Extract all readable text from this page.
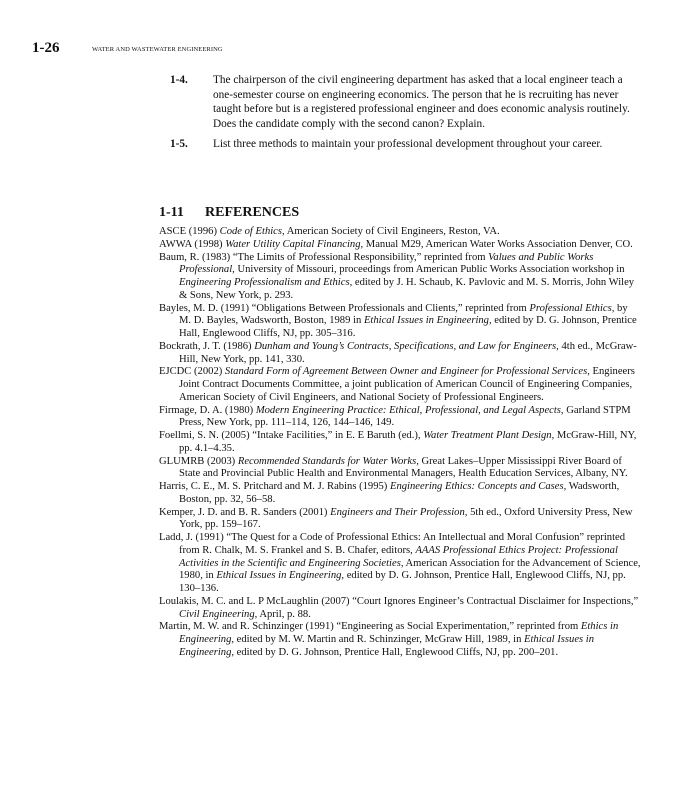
1-26	WATER AND WASTEWATER ENGINEERING
1-4.	The chairperson of the civil engineering department has asked that a local engineer teach a one-semester course on engineering economics. The person that he is recruiting has never taught before but is a registered professional engineer and does economic analysis routinely. Does the candidate comply with the second canon? Explain.
1-5.	List three methods to maintain your professional development throughout your career.
1-11 REFERENCES
ASCE (1996) Code of Ethics, American Society of Civil Engineers, Reston, VA.
AWWA (1998) Water Utility Capital Financing, Manual M29, American Water Works Association Denver, CO.
Baum, R. (1983) “The Limits of Professional Responsibility,” reprinted from Values and Public Works Professional, University of Missouri, proceedings from American Public Works Association workshop in Engineering Professionalism and Ethics, edited by J. H. Schaub, K. Pavlovic and M. S. Morris, John Wiley & Sons, New York, p. 293.
Bayles, M. D. (1991) “Obligations Between Professionals and Clients,” reprinted from Professional Ethics, by M. D. Bayles, Wadsworth, Boston, 1989 in Ethical Issues in Engineering, edited by D. G. Johnson, Prentice Hall, Englewood Cliffs, NJ, pp. 305–316.
Bockrath, J. T. (1986) Dunham and Young’s Contracts, Specifications, and Law for Engineers, 4th ed., McGraw-Hill, New York, pp. 141, 330.
EJCDC (2002) Standard Form of Agreement Between Owner and Engineer for Professional Services, Engineers Joint Contract Documents Committee, a joint publication of American Council of Engineering Companies, American Society of Civil Engineers, and National Society of Professional Engineers.
Firmage, D. A. (1980) Modern Engineering Practice: Ethical, Professional, and Legal Aspects, Garland STPM Press, New York, pp. 111–114, 126, 144–146, 149.
Foellmi, S. N. (2005) “Intake Facilities,” in E. E Baruth (ed.), Water Treatment Plant Design, McGraw-Hill, NY, pp. 4.1–4.35.
GLUMRB (2003) Recommended Standards for Water Works, Great Lakes–Upper Mississippi River Board of State and Provincial Public Health and Environmental Managers, Health Education Services, Albany, NY.
Harris, C. E., M. S. Pritchard and M. J. Rabins (1995) Engineering Ethics: Concepts and Cases, Wadsworth, Boston, pp. 32, 56–58.
Kemper, J. D. and B. R. Sanders (2001) Engineers and Their Profession, 5th ed., Oxford University Press, New York, pp. 159–167.
Ladd, J. (1991) “The Quest for a Code of Professional Ethics: An Intellectual and Moral Confusion” reprinted from R. Chalk, M. S. Frankel and S. B. Chafer, editors, AAAS Professional Ethics Project: Professional Activities in the Scientific and Engineering Societies, American Association for the Advancement of Science, 1980, in Ethical Issues in Engineering, edited by D. G. Johnson, Prentice Hall, Englewood Cliffs, NJ, pp. 130–136.
Loulakis, M. C. and L. P McLaughlin (2007) “Court Ignores Engineer’s Contractual Disclaimer for Inspections,” Civil Engineering, April, p. 88.
Martin, M. W. and R. Schinzinger (1991) “Engineering as Social Experimentation,” reprinted from Ethics in Engineering, edited by M. W. Martin and R. Schinzinger, McGraw Hill, 1989, in Ethical Issues in Engineering, edited by D. G. Johnson, Prentice Hall, Englewood Cliffs, NJ, pp. 200–201.
